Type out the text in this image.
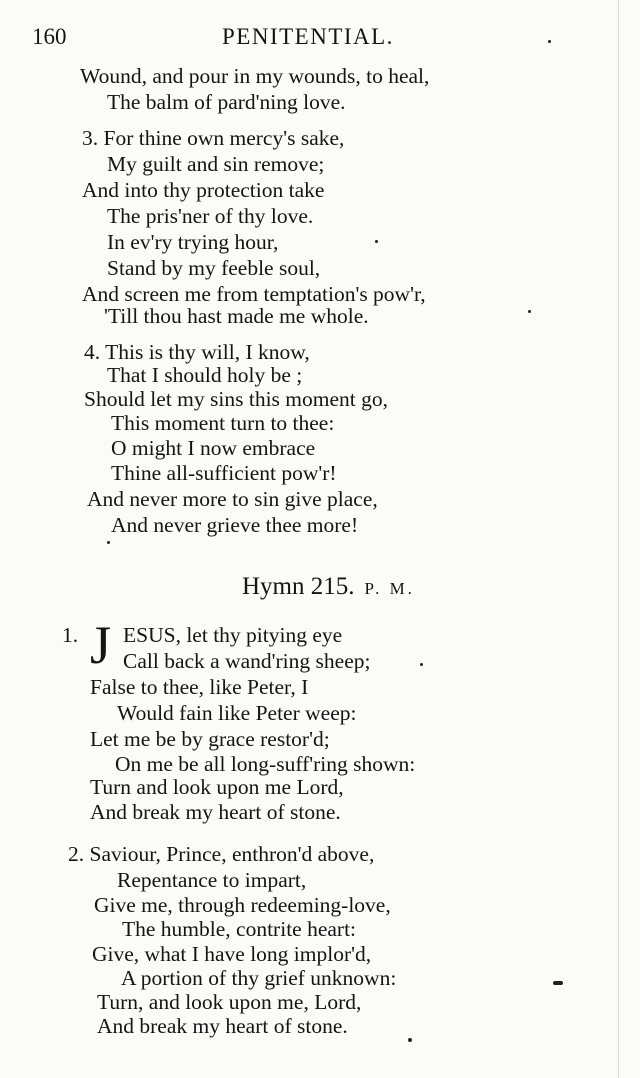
160	PENITENTIAL.
Wound, and pour in my wounds, to heal,
The balm of pard'ning love.
3. For thine own mercy's sake,
My guilt and sin remove;
And into thy protection take
The pris'ner of thy love.
In ev'ry trying hour,
Stand by my feeble soul,
And screen me from temptation's pow'r,
'Till thou hast made me whole.
4. This is thy will, I know,
That I should holy be ;
Should let my sins this moment go,
This moment turn to thee:
O might I now embrace
Thine all-sufficient pow'r!
And never more to sin give place,
And never grieve thee more!
Hymn 215. P. M.
1. J ESUS, let thy pitying eye
Call back a wand'ring sheep;
False to thee, like Peter, I
Would fain like Peter weep:
Let me be by grace restor'd;
On me be all long-suff'ring shown:
Turn and look upon me Lord,
And break my heart of stone.
2. Saviour, Prince, enthron'd above,
Repentance to impart,
Give me, through redeeming-love,
The humble, contrite heart:
Give, what I have long implor'd,
A portion of thy grief unknown:
Turn, and look upon me, Lord,
And break my heart of stone.
